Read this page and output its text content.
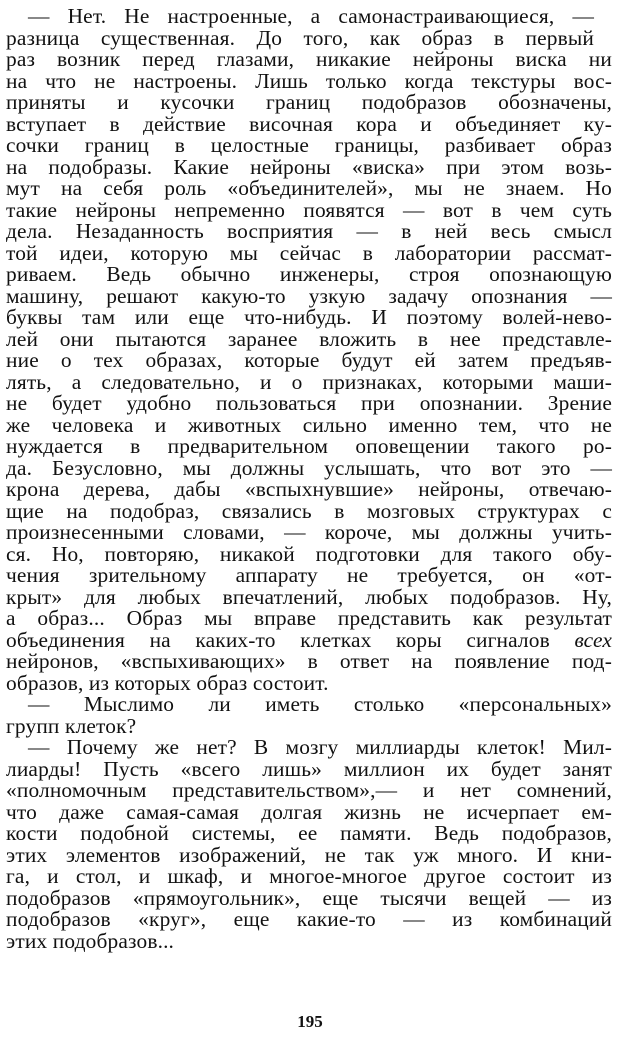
— Нет. Не настроенные, а самонастраивающиеся, —
разница существенная. До того, как образ в первый
раз возник перед глазами, никакие нейроны виска ни
на что не настроены. Лишь только когда текстуры вос-
приняты и кусочки границ подобразов обозначены,
вступает в действие височная кора и объединяет ку-
сочки границ в целостные границы, разбивает образ
на подобразы. Какие нейроны «виска» при этом возь-
мут на себя роль «объединителей», мы не знаем. Но
такие нейроны непременно появятся — вот в чем суть
дела. Незаданность восприятия — в ней весь смысл
той идеи, которую мы сейчас в лаборатории рассмат-
риваем. Ведь обычно инженеры, строя опознающую
машину, решают какую-то узкую задачу опознания —
буквы там или еще что-нибудь. И поэтому волей-нево-
лей они пытаются заранее вложить в нее представле-
ние о тех образах, которые будут ей затем предъяв-
лять, а следовательно, и о признаках, которыми маши-
не будет удобно пользоваться при опознании. Зрение
же человека и животных сильно именно тем, что не
нуждается в предварительном оповещении такого ро-
да. Безусловно, мы должны услышать, что вот это —
крона дерева, дабы «вспыхнувшие» нейроны, отвечаю-
щие на подобраз, связались в мозговых структурах с
произнесенными словами, — короче, мы должны учить-
ся. Но, повторяю, никакой подготовки для такого обу-
чения зрительному аппарату не требуется, он «от-
крыт» для любых впечатлений, любых подобразов. Ну,
а образ... Образ мы вправе представить как результат
объединения на каких-то клетках коры сигналов всех
нейронов, «вспыхивающих» в ответ на появление под-
образов, из которых образ состоит.
— Мыслимо ли иметь столько «персональных»
групп клеток?
— Почему же нет? В мозгу миллиарды клеток! Мил-
лиарды! Пусть «всего лишь» миллион их будет занят
«полномочным представительством»,— и нет сомнений,
что даже самая-самая долгая жизнь не исчерпает ем-
кости подобной системы, ее памяти. Ведь подобразов,
этих элементов изображений, не так уж много. И кни-
га, и стол, и шкаф, и многое-многое другое состоит из
подобразов «прямоугольник», еще тысячи вещей — из
подобразов «круг», еще какие-то — из комбинаций
этих подобразов...
195
